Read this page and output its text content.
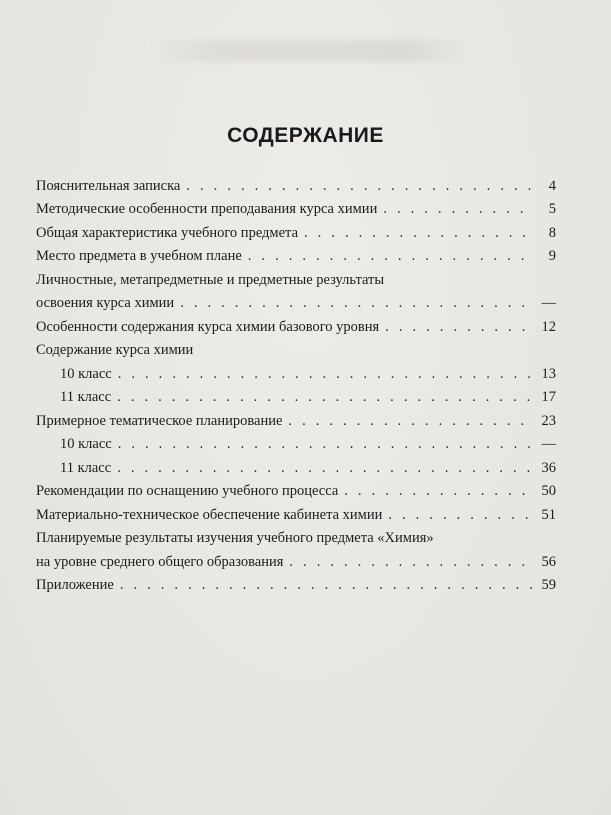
СОДЕРЖАНИЕ
Пояснительная записка . . .	4
Методические особенности преподавания курса химии . . .	5
Общая характеристика учебного предмета . . .	8
Место предмета в учебном плане . . .	9
Личностные, метапредметные и предметные результаты
освоения курса химии . . .	—
Особенности содержания курса химии базового уровня . . .	12
Содержание курса химии
10 класс . . .	13
11 класс . . .	17
Примерное тематическое планирование . . .	23
10 класс . . .	—
11 класс . . .	36
Рекомендации по оснащению учебного процесса . . .	50
Материально-техническое обеспечение кабинета химии . . .	51
Планируемые результаты изучения учебного предмета «Химия»
на уровне среднего общего образования . . .	56
Приложение . . .	59
